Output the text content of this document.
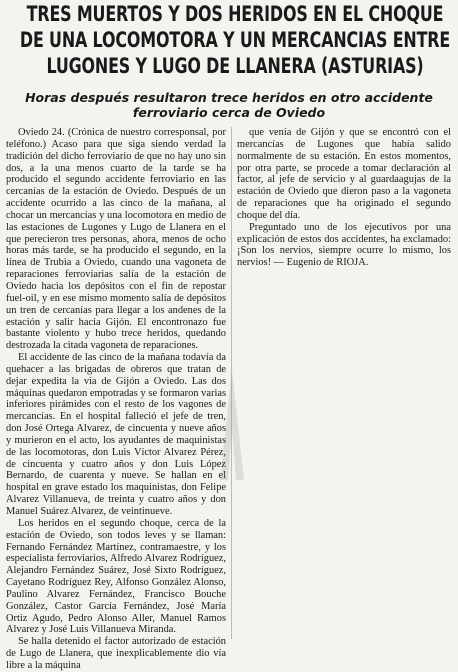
TRES MUERTOS Y DOS HERIDOS EN EL CHOQUE DE UNA LOCOMOTORA Y UN MERCANCIAS ENTRE LUGONES Y LUGO DE LLANERA (ASTURIAS)
Horas después resultaron trece heridos en otro accidente ferroviario cerca de Oviedo

Oviedo 24. (Crónica de nuestro corresponsal, por teléfono.) Acaso para que siga siendo verdad la tradición del dicho ferroviario de que no hay uno sin dos, a la una menos cuarto de la tarde se ha producido el segundo accidente ferroviario en las cercanías de la estación de Oviedo. Después de un accidente ocurrido a las cinco de la mañana, al chocar un mercancías y una locomotora en medio de las estaciones de Lugones y Lugo de Llanera en el que perecieron tres personas, ahora, menos de ocho horas más tarde, se ha producido el segundo, en la línea de Trubia a Oviedo, cuando una vagoneta de reparaciones ferroviarias salía de la estación de Oviedo hacia los depósitos con el fin de repostar fuel-oil, y en ese mismo momento salía de depósitos un tren de cercanías para llegar a los andenes de la estación y salir hacia Gijón. El encontronazo fue bastante violento y hubo trece heridos, quedando destrozada la citada vagoneta de reparaciones.

El accidente de las cinco de la mañana todavía da quehacer a las brigadas de obreros que tratan de dejar expedita la vía de Gijón a Oviedo. Las dos máquinas quedaron empotradas y se formaron varias inferiores pirámides con el resto de los vagones de mercancías. En el hospital falleció el jefe de tren, don José Ortega Alvarez, de cincuenta y nueve años y murieron en el acto, los ayudantes de maquinistas de las locomotoras, don Luis Víctor Alvarez Pérez, de cincuenta y cuatro años y don Luis López Bernardo, de cuarenta y nueve. Se hallan en el hospital en grave estado los maquinistas, don Felipe Alvarez Villanueva, de treinta y cuatro años y don Manuel Suárez Alvarez, de veintinueve.

Los heridos en el segundo choque, cerca de la estación de Oviedo, son todos leves y se llaman: Fernando Fernández Martínez, contramaestre, y los especialista ferroviarios, Alfredo Alvarez Rodríguez, Alejandro Fernández Suárez, José Sixto Rodríguez, Cayetano Rodríguez Rey, Alfonso González Alonso, Paulino Alvarez Fernández, Francisco Bouche González, Castor García Fernández, José María Ortiz Agudo, Pedro Alonso Aller, Manuel Ramos Alvarez y José Luis Villanueva Miranda.

Se halla detenido el factor autorizado de estación de Lugo de Llanera, que inexplicablemente dio vía libre a la máquina

que venía de Gijón y que se encontró con el mercancías de Lugones que había salido normalmente de su estación. En estos momentos, por otra parte, se procede a tomar declaración al factor, al jefe de servicio y al guardaagujas de la estación de Oviedo que dieron paso a la vagoneta de reparaciones que ha originado el segundo choque del día.

Preguntado uno de los ejecutivos por una explicación de estos dos accidentes, ha exclamado: ¡Son los nervios, siempre ocurre lo mismo, los nervios! — Eugenio de RIOJA.
